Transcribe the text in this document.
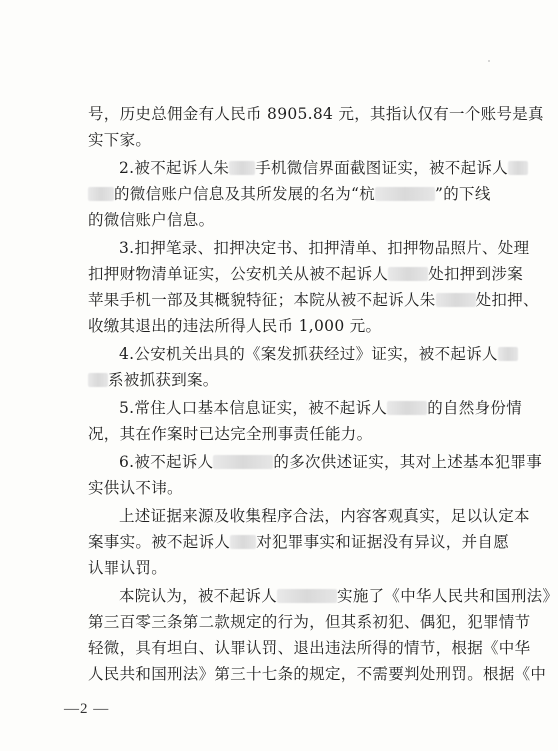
号，历史总佣金有人民币 8905.84 元，其指认仅有一个账号是真
实下家。
2.被不起诉人朱 手机微信界面截图证实，被不起诉人
的微信账户信息及其所发展的名为“杭	”的下线
的微信账户信息。
3.扣押笔录、扣押决定书、扣押清单、扣押物品照片、处理
扣押财物清单证实，公安机关从被不起诉人	处扣押到涉案
苹果手机一部及其概貌特征；本院从被不起诉人朱	处扣押、
收缴其退出的违法所得人民币 1,000 元。
4.公安机关出具的《案发抓获经过》证实，被不起诉人
系被抓获到案。
5.常住人口基本信息证实，被不起诉人	的自然身份情
况，其在作案时已达完全刑事责任能力。
6.被不起诉人	的多次供述证实，其对上述基本犯罪事
实供认不讳。
上述证据来源及收集程序合法，内容客观真实，足以认定本
案事实。被不起诉人 对犯罪事实和证据没有异议，并自愿
认罪认罚。
本院认为，被不起诉人	实施了《中华人民共和国刑法》
第三百零三条第二款规定的行为，但其系初犯、偶犯，犯罪情节
轻微，具有坦白、认罪认罚、退出违法所得的情节，根据《中华
人民共和国刑法》第三十七条的规定，不需要判处刑罚。根据《中
—2 —
